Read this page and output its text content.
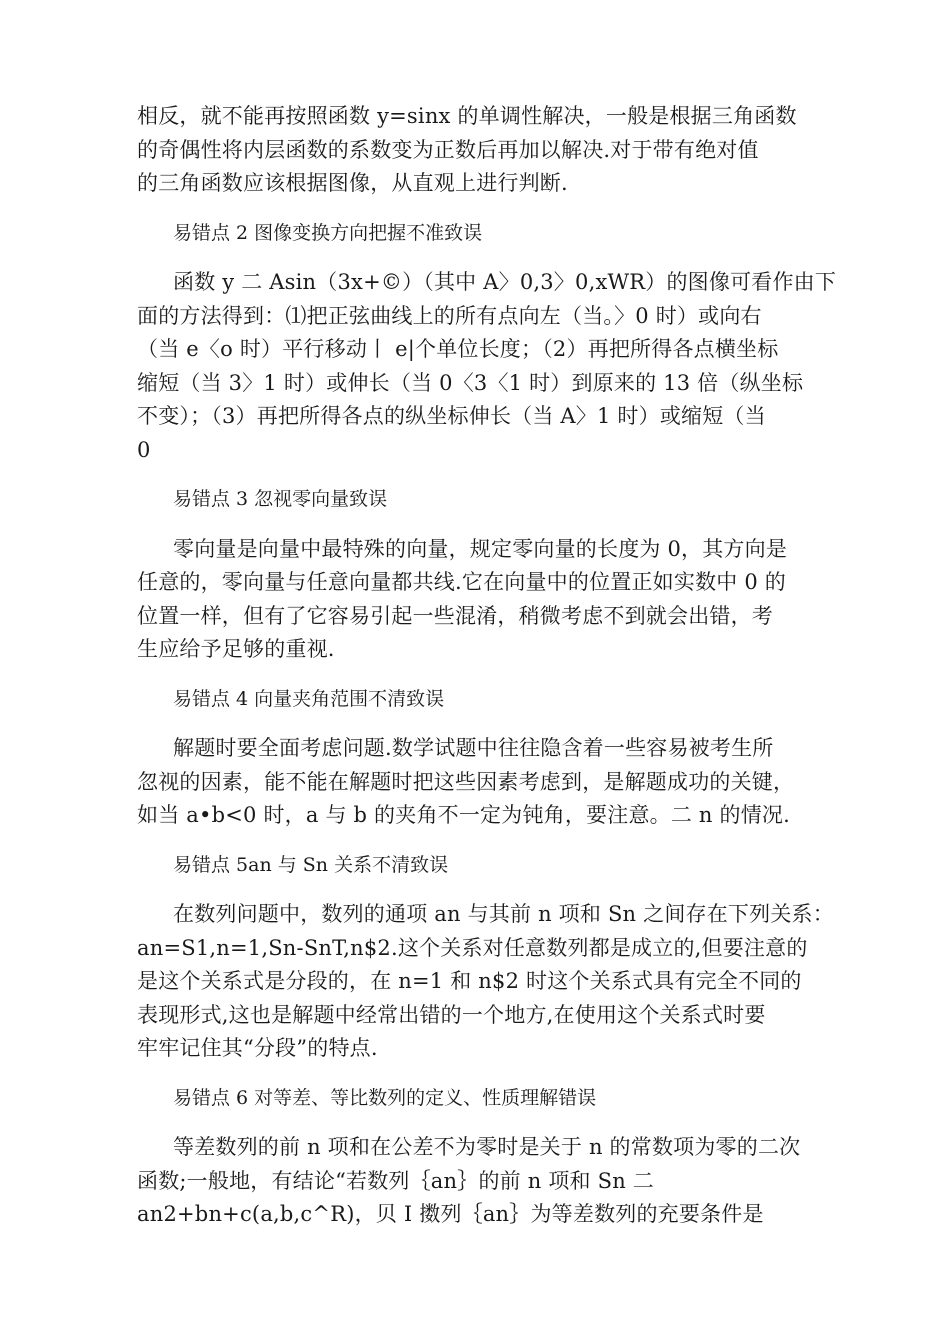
相反，就不能再按照函数 y=sinx 的单调性解决，一般是根据三角函数
的奇偶性将内层函数的系数变为正数后再加以解决.对于带有绝对值
的三角函数应该根据图像，从直观上进行判断.

易错点 2 图像变换方向把握不准致误

函数 y 二 Asin（3x+©）（其中 A〉0,3〉0,xWR）的图像可看作由下
面的方法得到：⑴把正弦曲线上的所有点向左（当。〉0 时）或向右
（当 e〈o 时）平行移动丨 e|个单位长度；（2）再把所得各点横坐标
缩短（当 3〉1 时）或伸长（当 0〈3〈1 时）到原来的 13 倍（纵坐标
不变）；（3）再把所得各点的纵坐标伸长（当 A〉1 时）或缩短（当
0

易错点 3 忽视零向量致误

零向量是向量中最特殊的向量，规定零向量的长度为 0，其方向是
任意的，零向量与任意向量都共线.它在向量中的位置正如实数中 0 的
位置一样，但有了它容易引起一些混淆，稍微考虑不到就会出错，考
生应给予足够的重视.

易错点 4 向量夹角范围不清致误

解题时要全面考虑问题.数学试题中往往隐含着一些容易被考生所
忽视的因素，能不能在解题时把这些因素考虑到，是解题成功的关键，
如当 a•b<0 时，a 与 b 的夹角不一定为钝角，要注意。二 n 的情况.

易错点 5an 与 Sn 关系不清致误

在数列问题中，数列的通项 an 与其前 n 项和 Sn 之间存在下列关系：
an=S1,n=1,Sn-SnT,n$2.这个关系对任意数列都是成立的,但要注意的
是这个关系式是分段的，在 n=1 和 n$2 时这个关系式具有完全不同的
表现形式,这也是解题中经常出错的一个地方,在使用这个关系式时要
牢牢记住其“分段”的特点.

易错点 6 对等差、等比数列的定义、性质理解错误

等差数列的前 n 项和在公差不为零时是关于 n 的常数项为零的二次
函数;一般地，有结论“若数列｛an｝的前 n 项和 Sn 二
an2+bn+c(a,b,c^R)，贝 I 擞列｛an｝为等差数列的充要条件是
